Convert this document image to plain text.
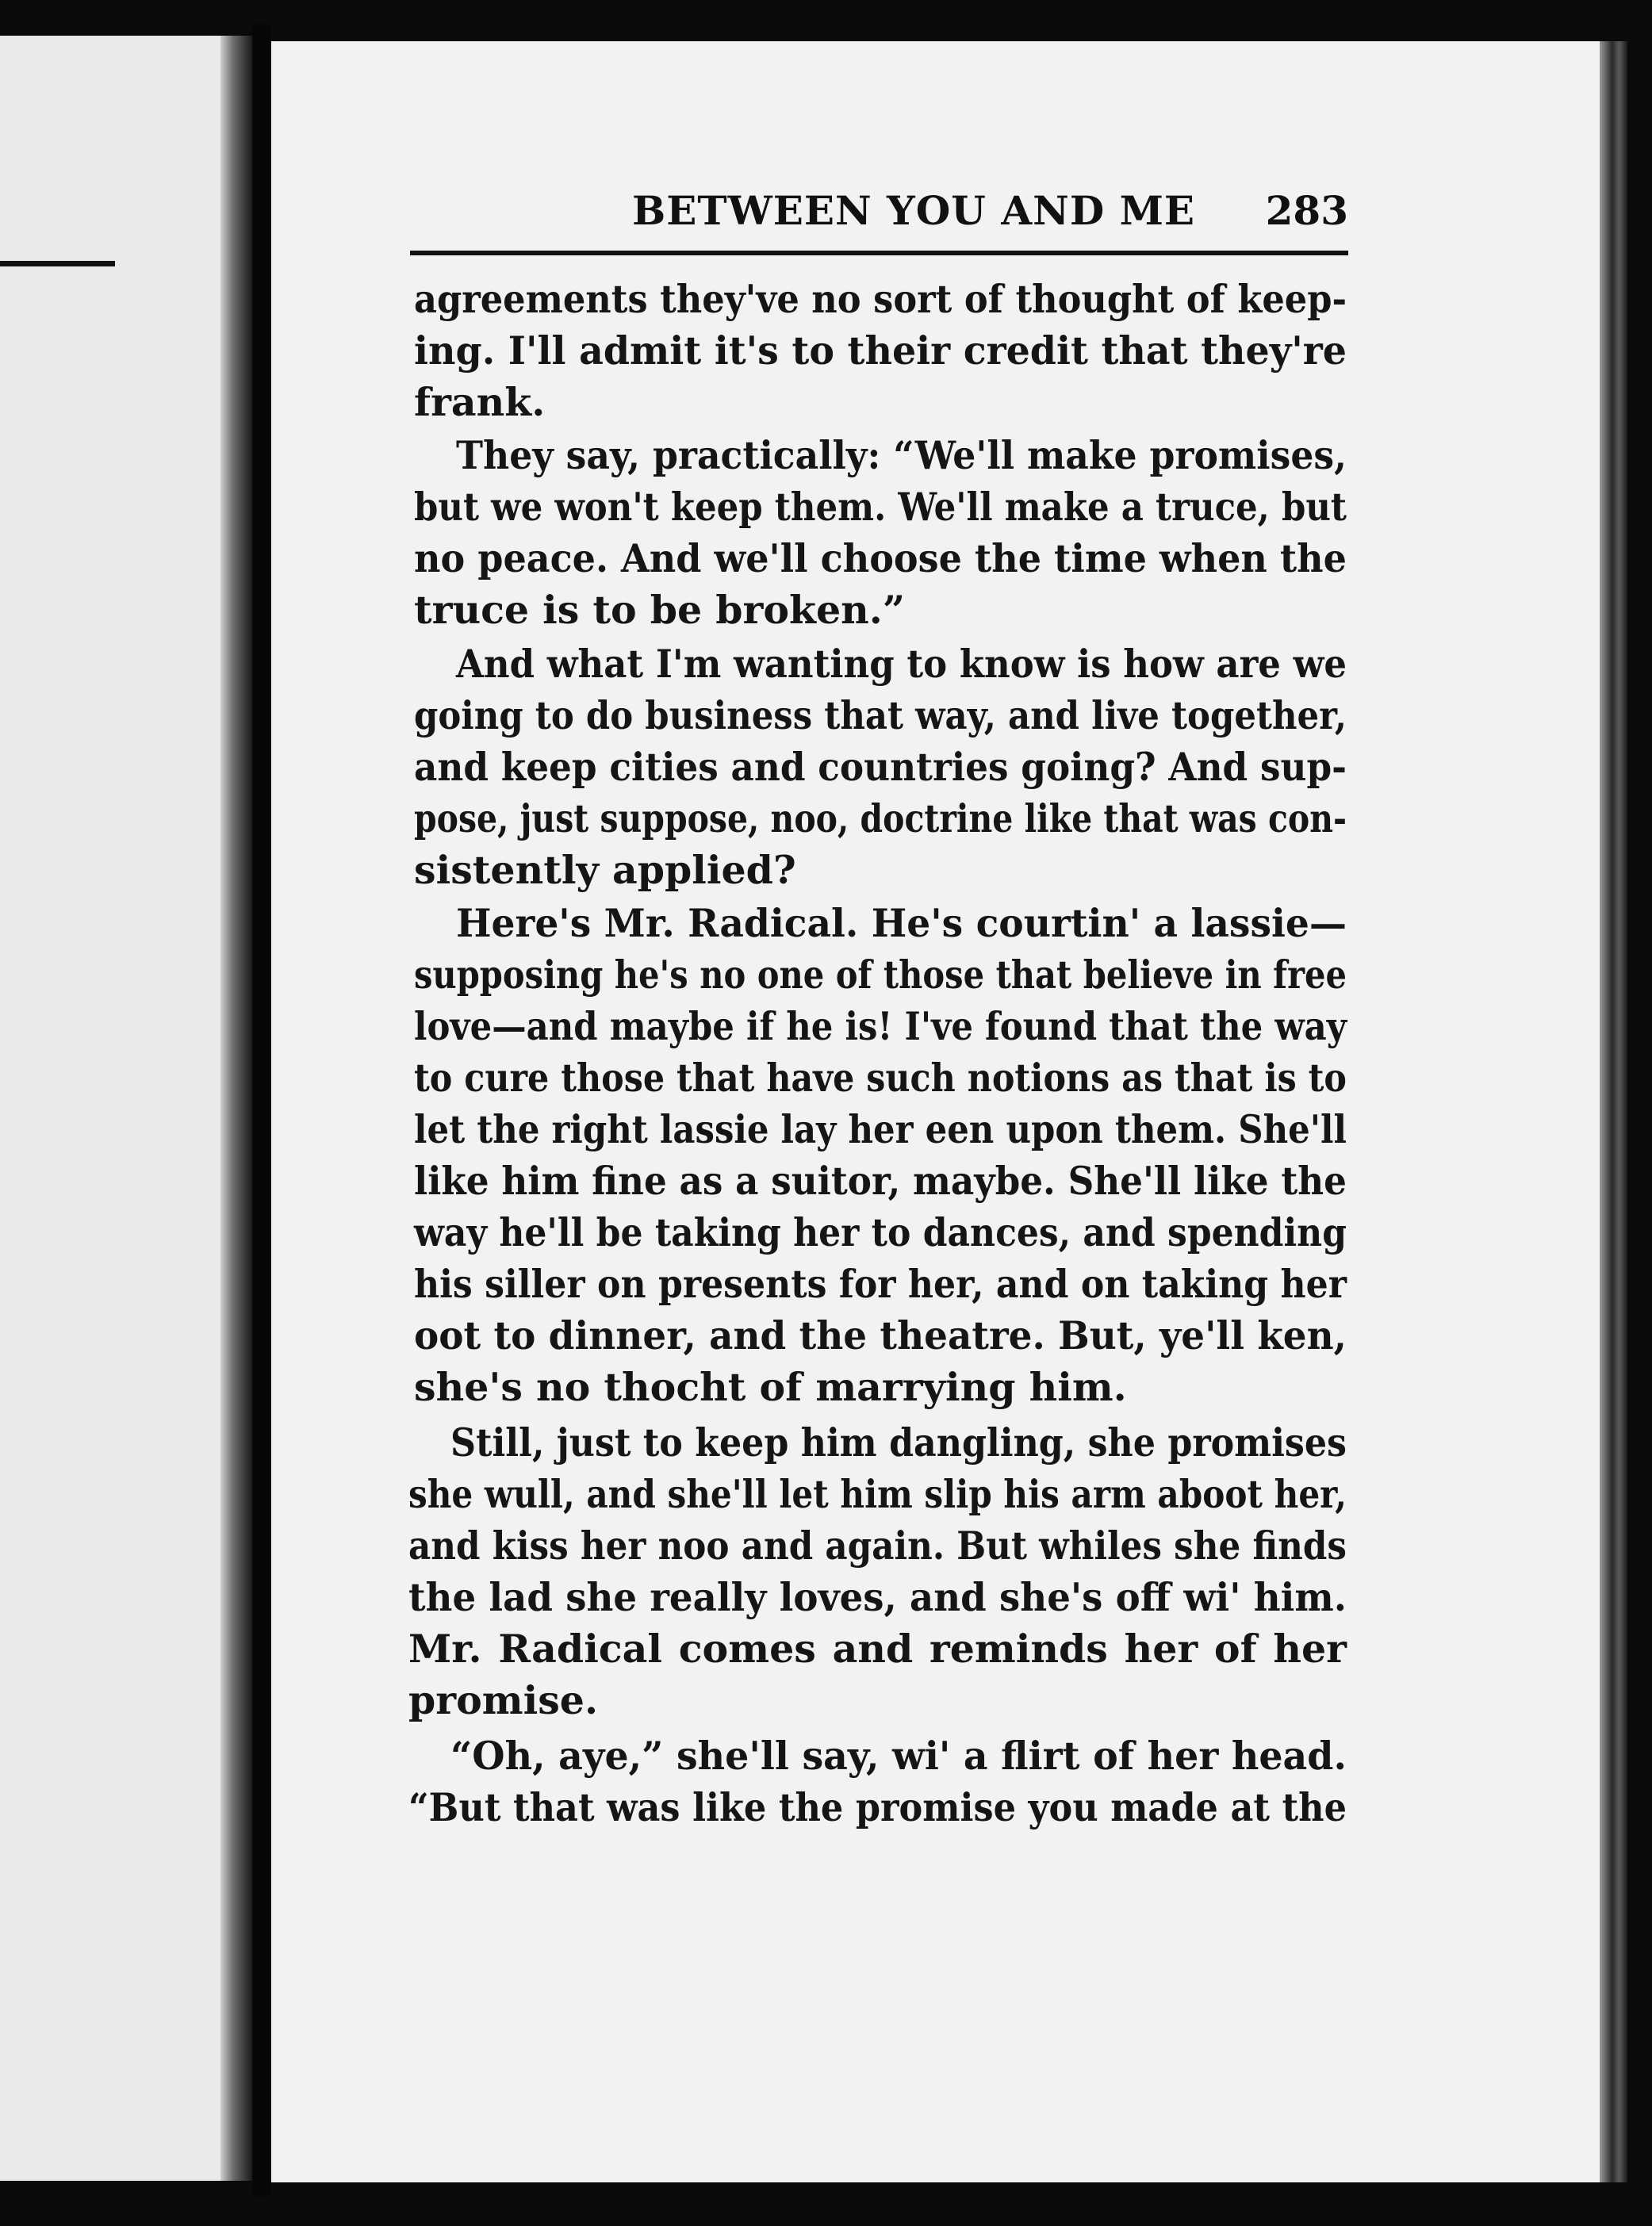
BETWEEN YOU AND ME 283
agreements they've no sort of thought of keep-
ing. I'll admit it's to their credit that they're
frank.
They say, practically: “We'll make promises,
but we won't keep them. We'll make a truce, but
no peace. And we'll choose the time when the
truce is to be broken.”
And what I'm wanting to know is how are we
going to do business that way, and live together,
and keep cities and countries going? And sup-
pose, just suppose, noo, doctrine like that was con-
sistently applied?
Here's Mr. Radical. He's courtin' a lassie—
supposing he's no one of those that believe in free
love—and maybe if he is! I've found that the way
to cure those that have such notions as that is to
let the right lassie lay her een upon them. She'll
like him fine as a suitor, maybe. She'll like the
way he'll be taking her to dances, and spending
his siller on presents for her, and on taking her
oot to dinner, and the theatre. But, ye'll ken,
she's no thocht of marrying him.
Still, just to keep him dangling, she promises
she wull, and she'll let him slip his arm aboot her,
and kiss her noo and again. But whiles she finds
the lad she really loves, and she's off wi' him.
Mr. Radical comes and reminds her of her
promise.
“Oh, aye,” she'll say, wi' a flirt of her head.
“But that was like the promise you made at the
